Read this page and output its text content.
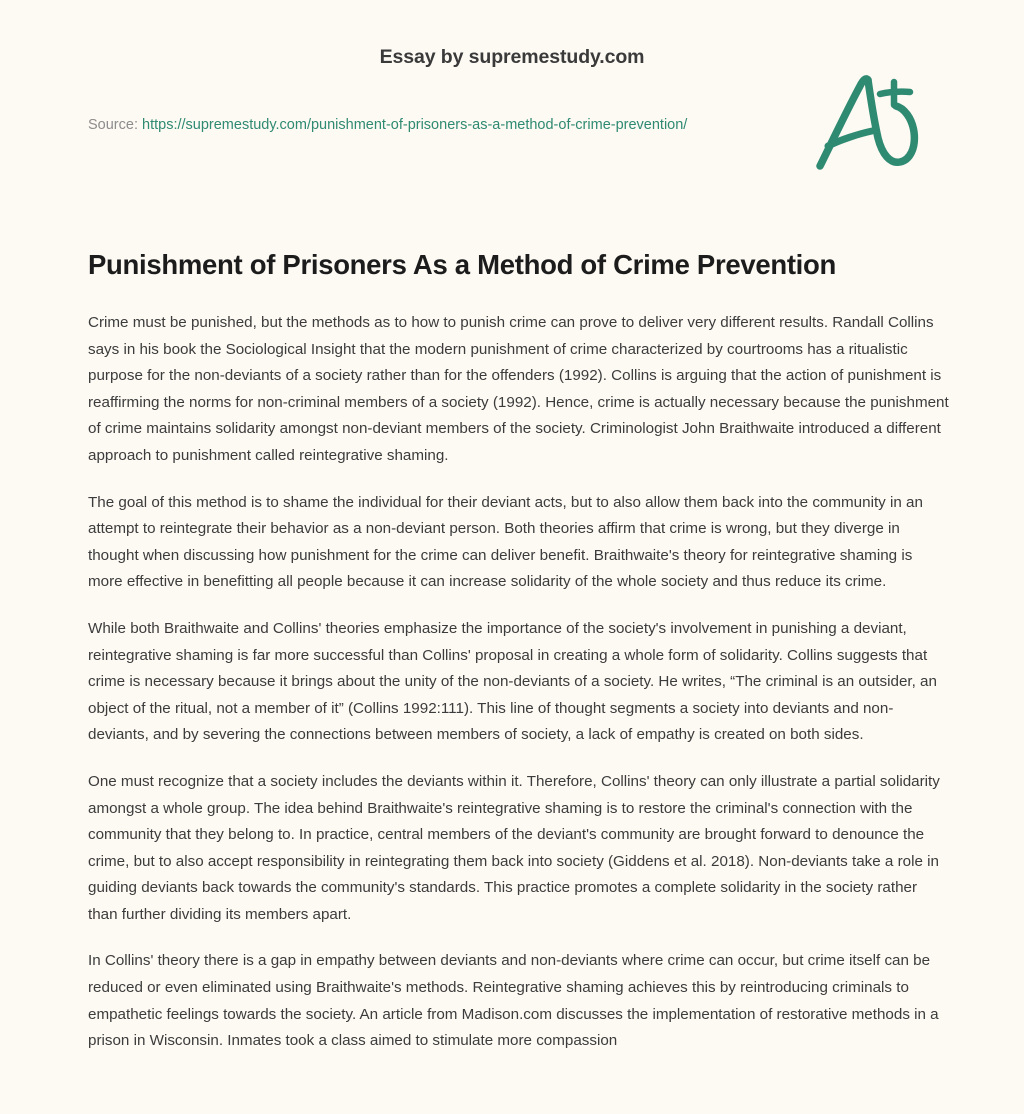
Essay by supremestudy.com
Source: https://supremestudy.com/punishment-of-prisoners-as-a-method-of-crime-prevention/
Punishment of Prisoners As a Method of Crime Prevention

Crime must be punished, but the methods as to how to punish crime can prove to deliver very different results. Randall Collins says in his book the Sociological Insight that the modern punishment of crime characterized by courtrooms has a ritualistic purpose for the non-deviants of a society rather than for the offenders (1992). Collins is arguing that the action of punishment is reaffirming the norms for non-criminal members of a society (1992). Hence, crime is actually necessary because the punishment of crime maintains solidarity amongst non-deviant members of the society. Criminologist John Braithwaite introduced a different approach to punishment called reintegrative shaming.

The goal of this method is to shame the individual for their deviant acts, but to also allow them back into the community in an attempt to reintegrate their behavior as a non-deviant person. Both theories affirm that crime is wrong, but they diverge in thought when discussing how punishment for the crime can deliver benefit. Braithwaite's theory for reintegrative shaming is more effective in benefitting all people because it can increase solidarity of the whole society and thus reduce its crime.

While both Braithwaite and Collins' theories emphasize the importance of the society's involvement in punishing a deviant, reintegrative shaming is far more successful than Collins' proposal in creating a whole form of solidarity. Collins suggests that crime is necessary because it brings about the unity of the non-deviants of a society. He writes, “The criminal is an outsider, an object of the ritual, not a member of it” (Collins 1992:111). This line of thought segments a society into deviants and non-deviants, and by severing the connections between members of society, a lack of empathy is created on both sides.

One must recognize that a society includes the deviants within it. Therefore, Collins' theory can only illustrate a partial solidarity amongst a whole group. The idea behind Braithwaite's reintegrative shaming is to restore the criminal's connection with the community that they belong to. In practice, central members of the deviant's community are brought forward to denounce the crime, but to also accept responsibility in reintegrating them back into society (Giddens et al. 2018). Non-deviants take a role in guiding deviants back towards the community's standards. This practice promotes a complete solidarity in the society rather than further dividing its members apart.

In Collins' theory there is a gap in empathy between deviants and non-deviants where crime can occur, but crime itself can be reduced or even eliminated using Braithwaite's methods. Reintegrative shaming achieves this by reintroducing criminals to empathetic feelings towards the society. An article from Madison.com discusses the implementation of restorative methods in a prison in Wisconsin. Inmates took a class aimed to stimulate more compassion
